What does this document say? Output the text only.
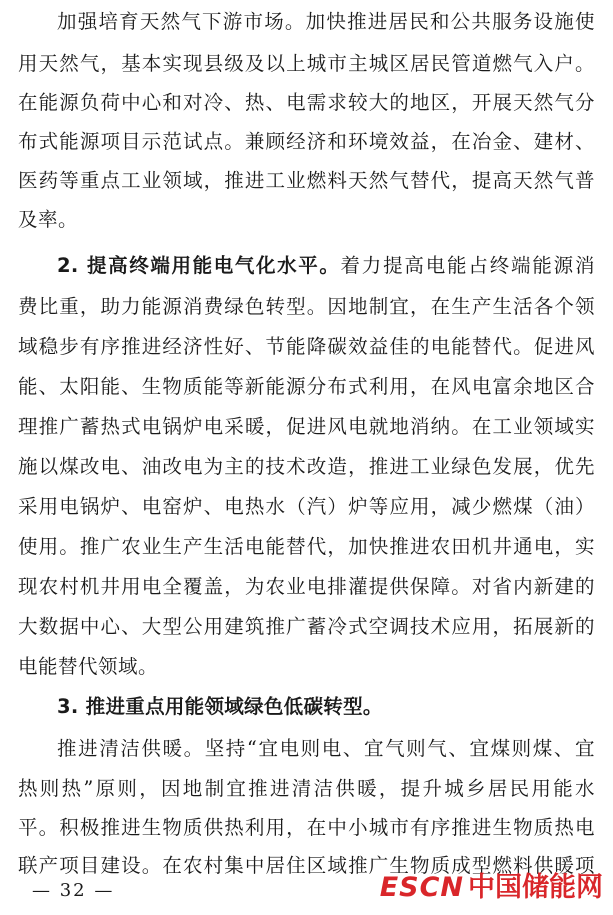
加强培育天然气下游市场。加快推进居民和公共服务设施使
用天然气，基本实现县级及以上城市主城区居民管道燃气入户。
在能源负荷中心和对冷、热、电需求较大的地区，开展天然气分
布式能源项目示范试点。兼顾经济和环境效益，在冶金、建材、
医药等重点工业领域，推进工业燃料天然气替代，提高天然气普
及率。
2. 提高终端用能电气化水平。着力提高电能占终端能源消
费比重，助力能源消费绿色转型。因地制宜，在生产生活各个领
域稳步有序推进经济性好、节能降碳效益佳的电能替代。促进风
能、太阳能、生物质能等新能源分布式利用，在风电富余地区合
理推广蓄热式电锅炉电采暖，促进风电就地消纳。在工业领域实
施以煤改电、油改电为主的技术改造，推进工业绿色发展，优先
采用电锅炉、电窑炉、电热水（汽）炉等应用，减少燃煤（油）
使用。推广农业生产生活电能替代，加快推进农田机井通电，实
现农村机井用电全覆盖，为农业电排灌提供保障。对省内新建的
大数据中心、大型公用建筑推广蓄冷式空调技术应用，拓展新的
电能替代领域。
3. 推进重点用能领域绿色低碳转型。
推进清洁供暖。坚持“宜电则电、宜气则气、宜煤则煤、宜
热则热”原则，因地制宜推进清洁供暖，提升城乡居民用能水
平。积极推进生物质供热利用，在中小城市有序推进生物质热电
联产项目建设。在农村集中居住区域推广生物质成型燃料供暖项
— 32 —	ESCN 中国储能网
